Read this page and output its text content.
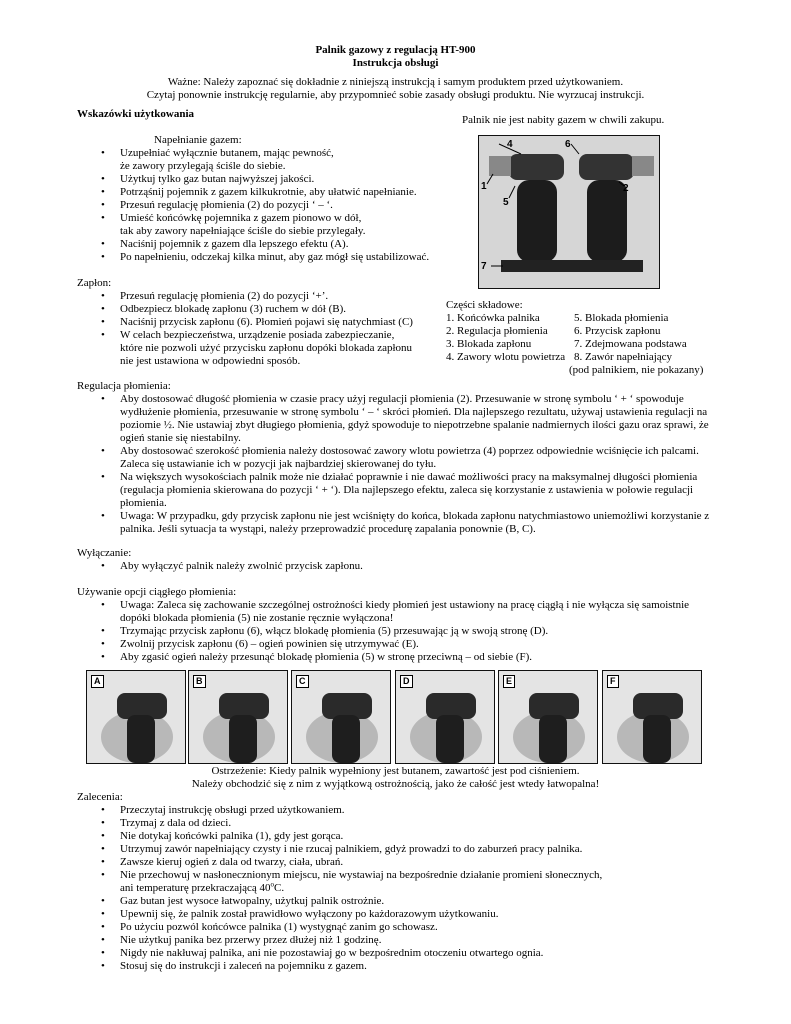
Palnik gazowy z regulacją HT-900
Instrukcja obsługi
Ważne: Należy zapoznać się dokładnie z niniejszą instrukcją i samym produktem przed użytkowaniem.
Czytaj ponownie instrukcję regularnie, aby przypomnieć sobie zasady obsługi produktu. Nie wyrzucaj instrukcji.
Wskazówki użytkowania	Palnik nie jest nabity gazem w chwili zakupu.

Napełnianie gazem:

• Uzupełniać wyłącznie butanem, mając pewność,
że zawory przylegają ściśle do siebie.
• Użytkuj tylko gaz butan najwyższej jakości.
• Potrząśnij pojemnik z gazem kilkukrotnie, aby ułatwić napełnianie.
• Przesuń regulację płomienia (2) do pozycji ‘ – ‘.
• Umieść końcówkę pojemnika z gazem pionowo w dół,
tak aby zawory napełniające ściśle do siebie przylegały.
• Naciśnij pojemnik z gazem dla lepszego efektu (A).
• Po napełnieniu, odczekaj kilka minut, aby gaz mógł się ustabilizować.

Zapłon:

• Przesuń regulację płomienia (2) do pozycji ‘+’.
• Odbezpiecz blokadę zapłonu (3) ruchem w dół (B).
• Naciśnij przycisk zapłonu (6). Płomień pojawi się natychmiast (C)
• W celach bezpieczeństwa, urządzenie posiada zabezpieczanie,
które nie pozwoli użyć przycisku zapłonu dopóki blokada zapłonu
nie jest ustawiona w odpowiedni sposób.
4	6
1
5
2
7
Części składowe:
1. Końcówka palnika	5. Blokada płomienia
2. Regulacja płomienia	6. Przycisk zapłonu
3. Blokada zapłonu	7. Zdejmowana podstawa
4. Zawory wlotu powietrza	8. Zawór napełniający
(pod palnikiem, nie pokazany)

Regulacja płomienia:

• Aby dostosować długość płomienia w czasie pracy użyj regulacji płomienia (2). Przesuwanie w stronę symbolu ‘ + ‘ spowoduje wydłużenie płomienia, przesuwanie w stronę symbolu ‘ – ‘ skróci płomień. Dla najlepszego rezultatu, używaj ustawienia regulacji na poziomie ½. Nie ustawiaj zbyt długiego płomienia, gdyż spowoduje to niepotrzebne spalanie nadmiernych ilości gazu oraz sprawi, że ogień stanie się niestabilny.
• Aby dostosować szerokość płomienia należy dostosować zawory wlotu powietrza (4) poprzez odpowiednie wciśnięcie ich palcami. Zaleca się ustawianie ich w pozycji jak najbardziej skierowanej do tyłu.
• Na większych wysokościach palnik może nie działać poprawnie i nie dawać możliwości pracy na maksymalnej długości płomienia (regulacja płomienia skierowana do pozycji ‘ + ‘). Dla najlepszego efektu, zaleca się korzystanie z ustawienia w połowie regulacji płomienia.
• Uwaga: W przypadku, gdy przycisk zapłonu nie jest wciśnięty do końca, blokada zapłonu natychmiastowo uniemożliwi korzystanie z palnika. Jeśli sytuacja ta wystąpi, należy przeprowadzić procedurę zapalania ponownie (B, C).

Wyłączanie:

• Aby wyłączyć palnik należy zwolnić przycisk zapłonu.

Używanie opcji ciągłego płomienia:

• Uwaga: Zaleca się zachowanie szczególnej ostrożności kiedy płomień jest ustawiony na pracę ciągłą i nie wyłącza się samoistnie dopóki blokada płomienia (5) nie zostanie ręcznie wyłączona!
• Trzymając przycisk zapłonu (6), włącz blokadę płomienia (5) przesuwając ją w swoją stronę (D).
• Zwolnij przycisk zapłonu (6) – ogień powinien się utrzymywać (E).
• Aby zgasić ogień należy przesunąć blokadę płomienia (5) w stronę przeciwną – od siebie (F).
A	B	C	D	E	F
Ostrzeżenie: Kiedy palnik wypełniony jest butanem, zawartość jest pod ciśnieniem.
Należy obchodzić się z nim z wyjątkową ostrożnością, jako że całość jest wtedy łatwopalna!

Zalecenia:

• Przeczytaj instrukcję obsługi przed użytkowaniem.
• Trzymaj z dala od dzieci.
• Nie dotykaj końcówki palnika (1), gdy jest gorąca.
• Utrzymuj zawór napełniający czysty i nie rzucaj palnikiem, gdyż prowadzi to do zaburzeń pracy palnika.
• Zawsze kieruj ogień z dala od twarzy, ciała, ubrań.
• Nie przechowuj w nasłonecznionym miejscu, nie wystawiaj na bezpośrednie działanie promieni słonecznych,
ani temperaturę przekraczającą 40$^o$C.
• Gaz butan jest wysoce łatwopalny, użytkuj palnik ostrożnie.
• Upewnij się, że palnik został prawidłowo wyłączony po każdorazowym użytkowaniu.
• Po użyciu pozwól końcówce palnika (1) wystygnąć zanim go schowasz.
• Nie użytkuj panika bez przerwy przez dłużej niż 1 godzinę.
• Nigdy nie nakłuwaj palnika, ani nie pozostawiaj go w bezpośrednim otoczeniu otwartego ognia.
• Stosuj się do instrukcji i zaleceń na pojemniku z gazem.
